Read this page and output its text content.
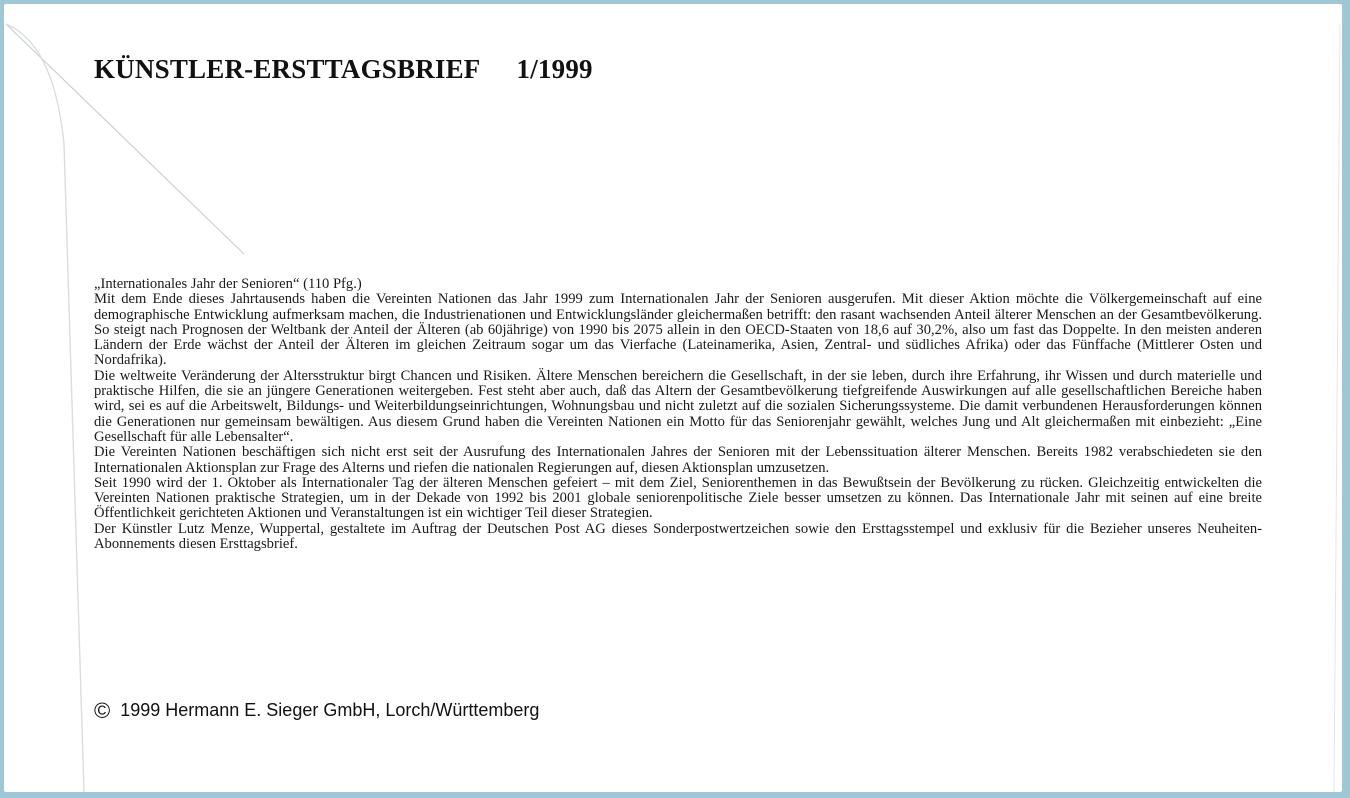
KÜNSTLER-ERSTTAGSBRIEF 1/1999

„Internationales Jahr der Senioren“ (110 Pfg.)

Mit dem Ende dieses Jahrtausends haben die Vereinten Nationen das Jahr 1999 zum Internationalen Jahr der Senioren ausgerufen. Mit dieser Aktion möchte die Völkergemeinschaft auf eine demographische Entwicklung aufmerksam machen, die Industrienationen und Entwicklungsländer gleichermaßen betrifft: den rasant wachsenden Anteil älterer Menschen an der Gesamtbevölkerung. So steigt nach Prognosen der Weltbank der Anteil der Älteren (ab 60jährige) von 1990 bis 2075 allein in den OECD-Staaten von 18,6 auf 30,2%, also um fast das Doppelte. In den meisten anderen Ländern der Erde wächst der Anteil der Älteren im gleichen Zeitraum sogar um das Vierfache (Lateinamerika, Asien, Zentral- und südliches Afrika) oder das Fünffache (Mittlerer Osten und Nordafrika).

Die weltweite Veränderung der Altersstruktur birgt Chancen und Risiken. Ältere Menschen bereichern die Gesellschaft, in der sie leben, durch ihre Erfahrung, ihr Wissen und durch materielle und praktische Hilfen, die sie an jüngere Generationen weitergeben. Fest steht aber auch, daß das Altern der Gesamtbevölkerung tiefgreifende Auswirkungen auf alle gesellschaftlichen Bereiche haben wird, sei es auf die Arbeitswelt, Bildungs- und Weiterbildungseinrichtungen, Wohnungsbau und nicht zuletzt auf die sozialen Sicherungssysteme. Die damit verbundenen Herausforderungen können die Generationen nur gemeinsam bewältigen. Aus diesem Grund haben die Vereinten Nationen ein Motto für das Seniorenjahr gewählt, welches Jung und Alt gleichermaßen mit einbezieht: „Eine Gesellschaft für alle Lebensalter“.

Die Vereinten Nationen beschäftigen sich nicht erst seit der Ausrufung des Internationalen Jahres der Senioren mit der Lebenssituation älterer Menschen. Bereits 1982 verabschiedeten sie den Internationalen Aktionsplan zur Frage des Alterns und riefen die nationalen Regierungen auf, diesen Aktionsplan umzusetzen.

Seit 1990 wird der 1. Oktober als Internationaler Tag der älteren Menschen gefeiert – mit dem Ziel, Seniorenthemen in das Bewußtsein der Bevölkerung zu rücken. Gleichzeitig entwickelten die Vereinten Nationen praktische Strategien, um in der Dekade von 1992 bis 2001 globale seniorenpolitische Ziele besser umsetzen zu können. Das Internationale Jahr mit seinen auf eine breite Öffentlichkeit gerichteten Aktionen und Veranstaltungen ist ein wichtiger Teil dieser Strategien.

Der Künstler Lutz Menze, Wuppertal, gestaltete im Auftrag der Deutschen Post AG dieses Sonderpostwertzeichen sowie den Ersttagsstempel und exklusiv für die Bezieher unseres Neuheiten-Abonnements diesen Ersttagsbrief.

© 1999 Hermann E. Sieger GmbH, Lorch/Württemberg
